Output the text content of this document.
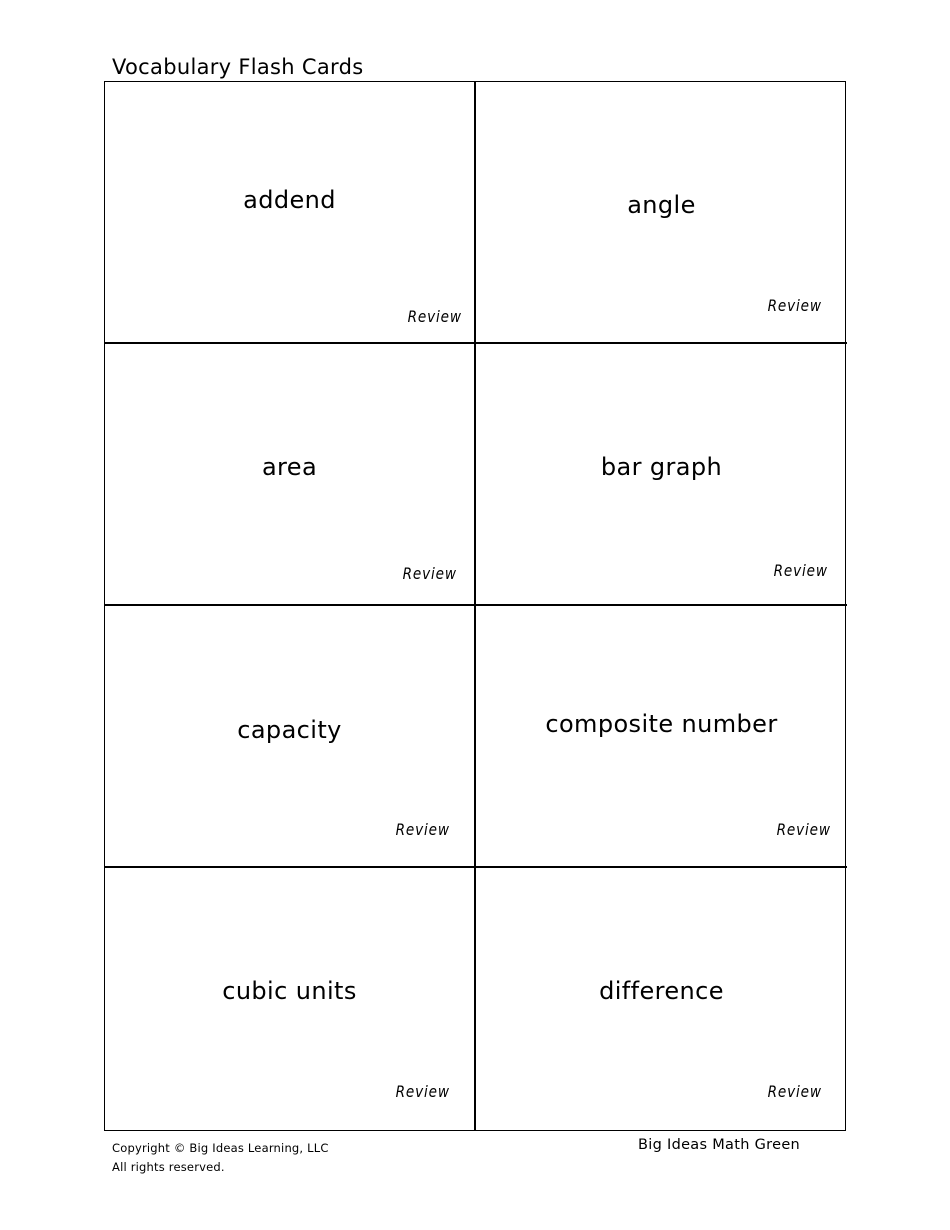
Vocabulary Flash Cards
addend
Review
angle
Review
area
Review
bar graph
Review
capacity
Review
composite number
Review
cubic units
Review
difference
Review
Copyright © Big Ideas Learning, LLC
All rights reserved.
Big Ideas Math Green
